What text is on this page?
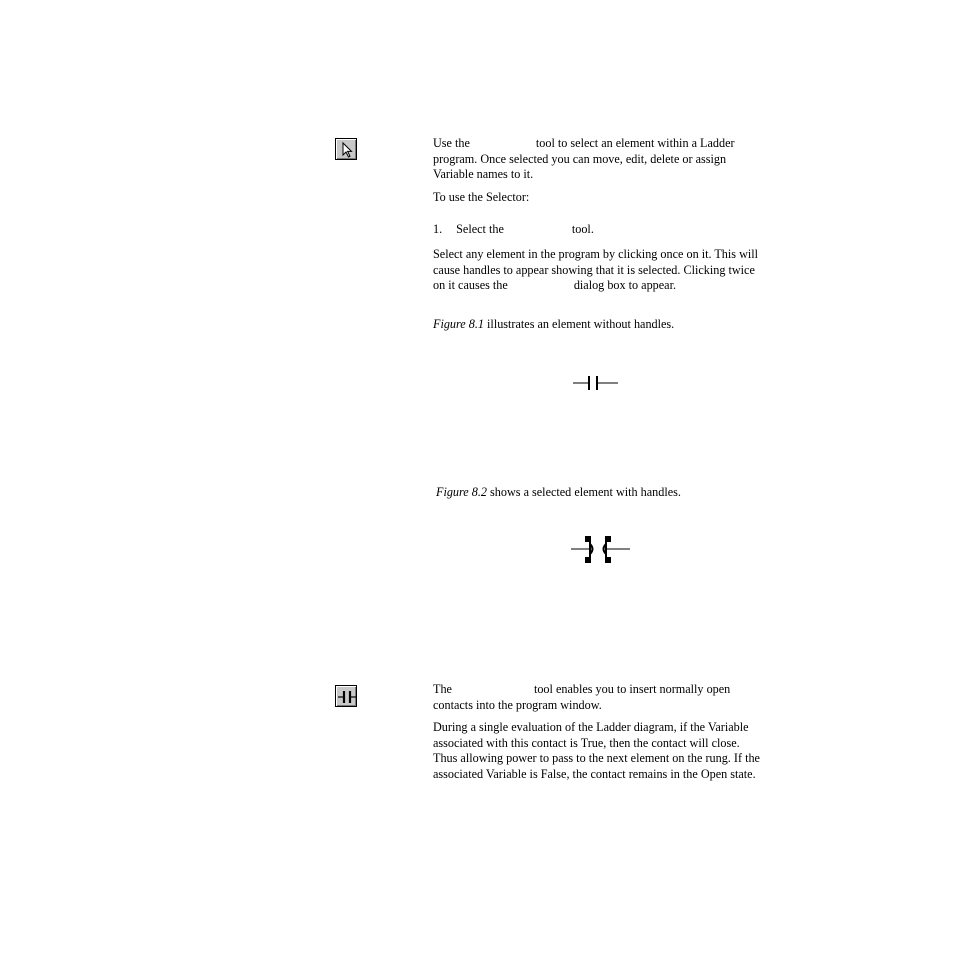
Use the	tool to select an element within a Ladder program. Once selected you can move, edit, delete or assign Variable names to it.

To use the Selector:

1. Select the	tool.

Select any element in the program by clicking once on it. This will cause handles to appear showing that it is selected. Clicking twice on it causes the	dialog box to appear.

Figure 8.1 illustrates an element without handles.

Figure 8.2 shows a selected element with handles.

The	tool enables you to insert normally open contacts into the program window.

During a single evaluation of the Ladder diagram, if the Variable associated with this contact is True, then the contact will close. Thus allowing power to pass to the next element on the rung. If the associated Variable is False, the contact remains in the Open state.
